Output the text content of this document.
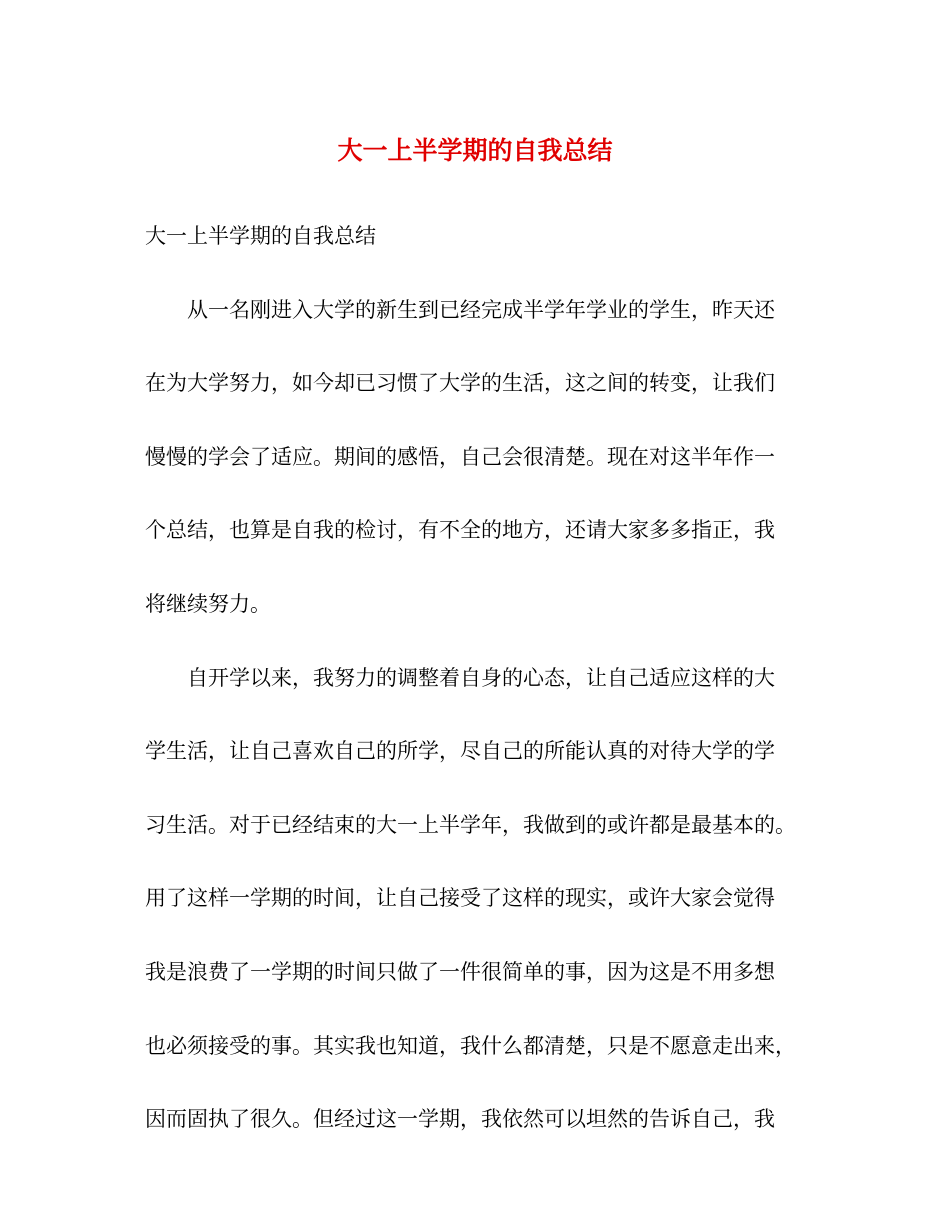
大一上半学期的自我总结
大一上半学期的自我总结
从一名刚进入大学的新生到已经完成半学年学业的学生，昨天还
在为大学努力，如今却已习惯了大学的生活，这之间的转变，让我们
慢慢的学会了适应。期间的感悟，自己会很清楚。现在对这半年作一
个总结，也算是自我的检讨，有不全的地方，还请大家多多指正，我
将继续努力。
自开学以来，我努力的调整着自身的心态，让自己适应这样的大
学生活，让自己喜欢自己的所学，尽自己的所能认真的对待大学的学
习生活。对于已经结束的大一上半学年，我做到的或许都是最基本的。
用了这样一学期的时间，让自己接受了这样的现实，或许大家会觉得
我是浪费了一学期的时间只做了一件很简单的事，因为这是不用多想
也必须接受的事。其实我也知道，我什么都清楚，只是不愿意走出来，
因而固执了很久。但经过这一学期，我依然可以坦然的告诉自己，我
